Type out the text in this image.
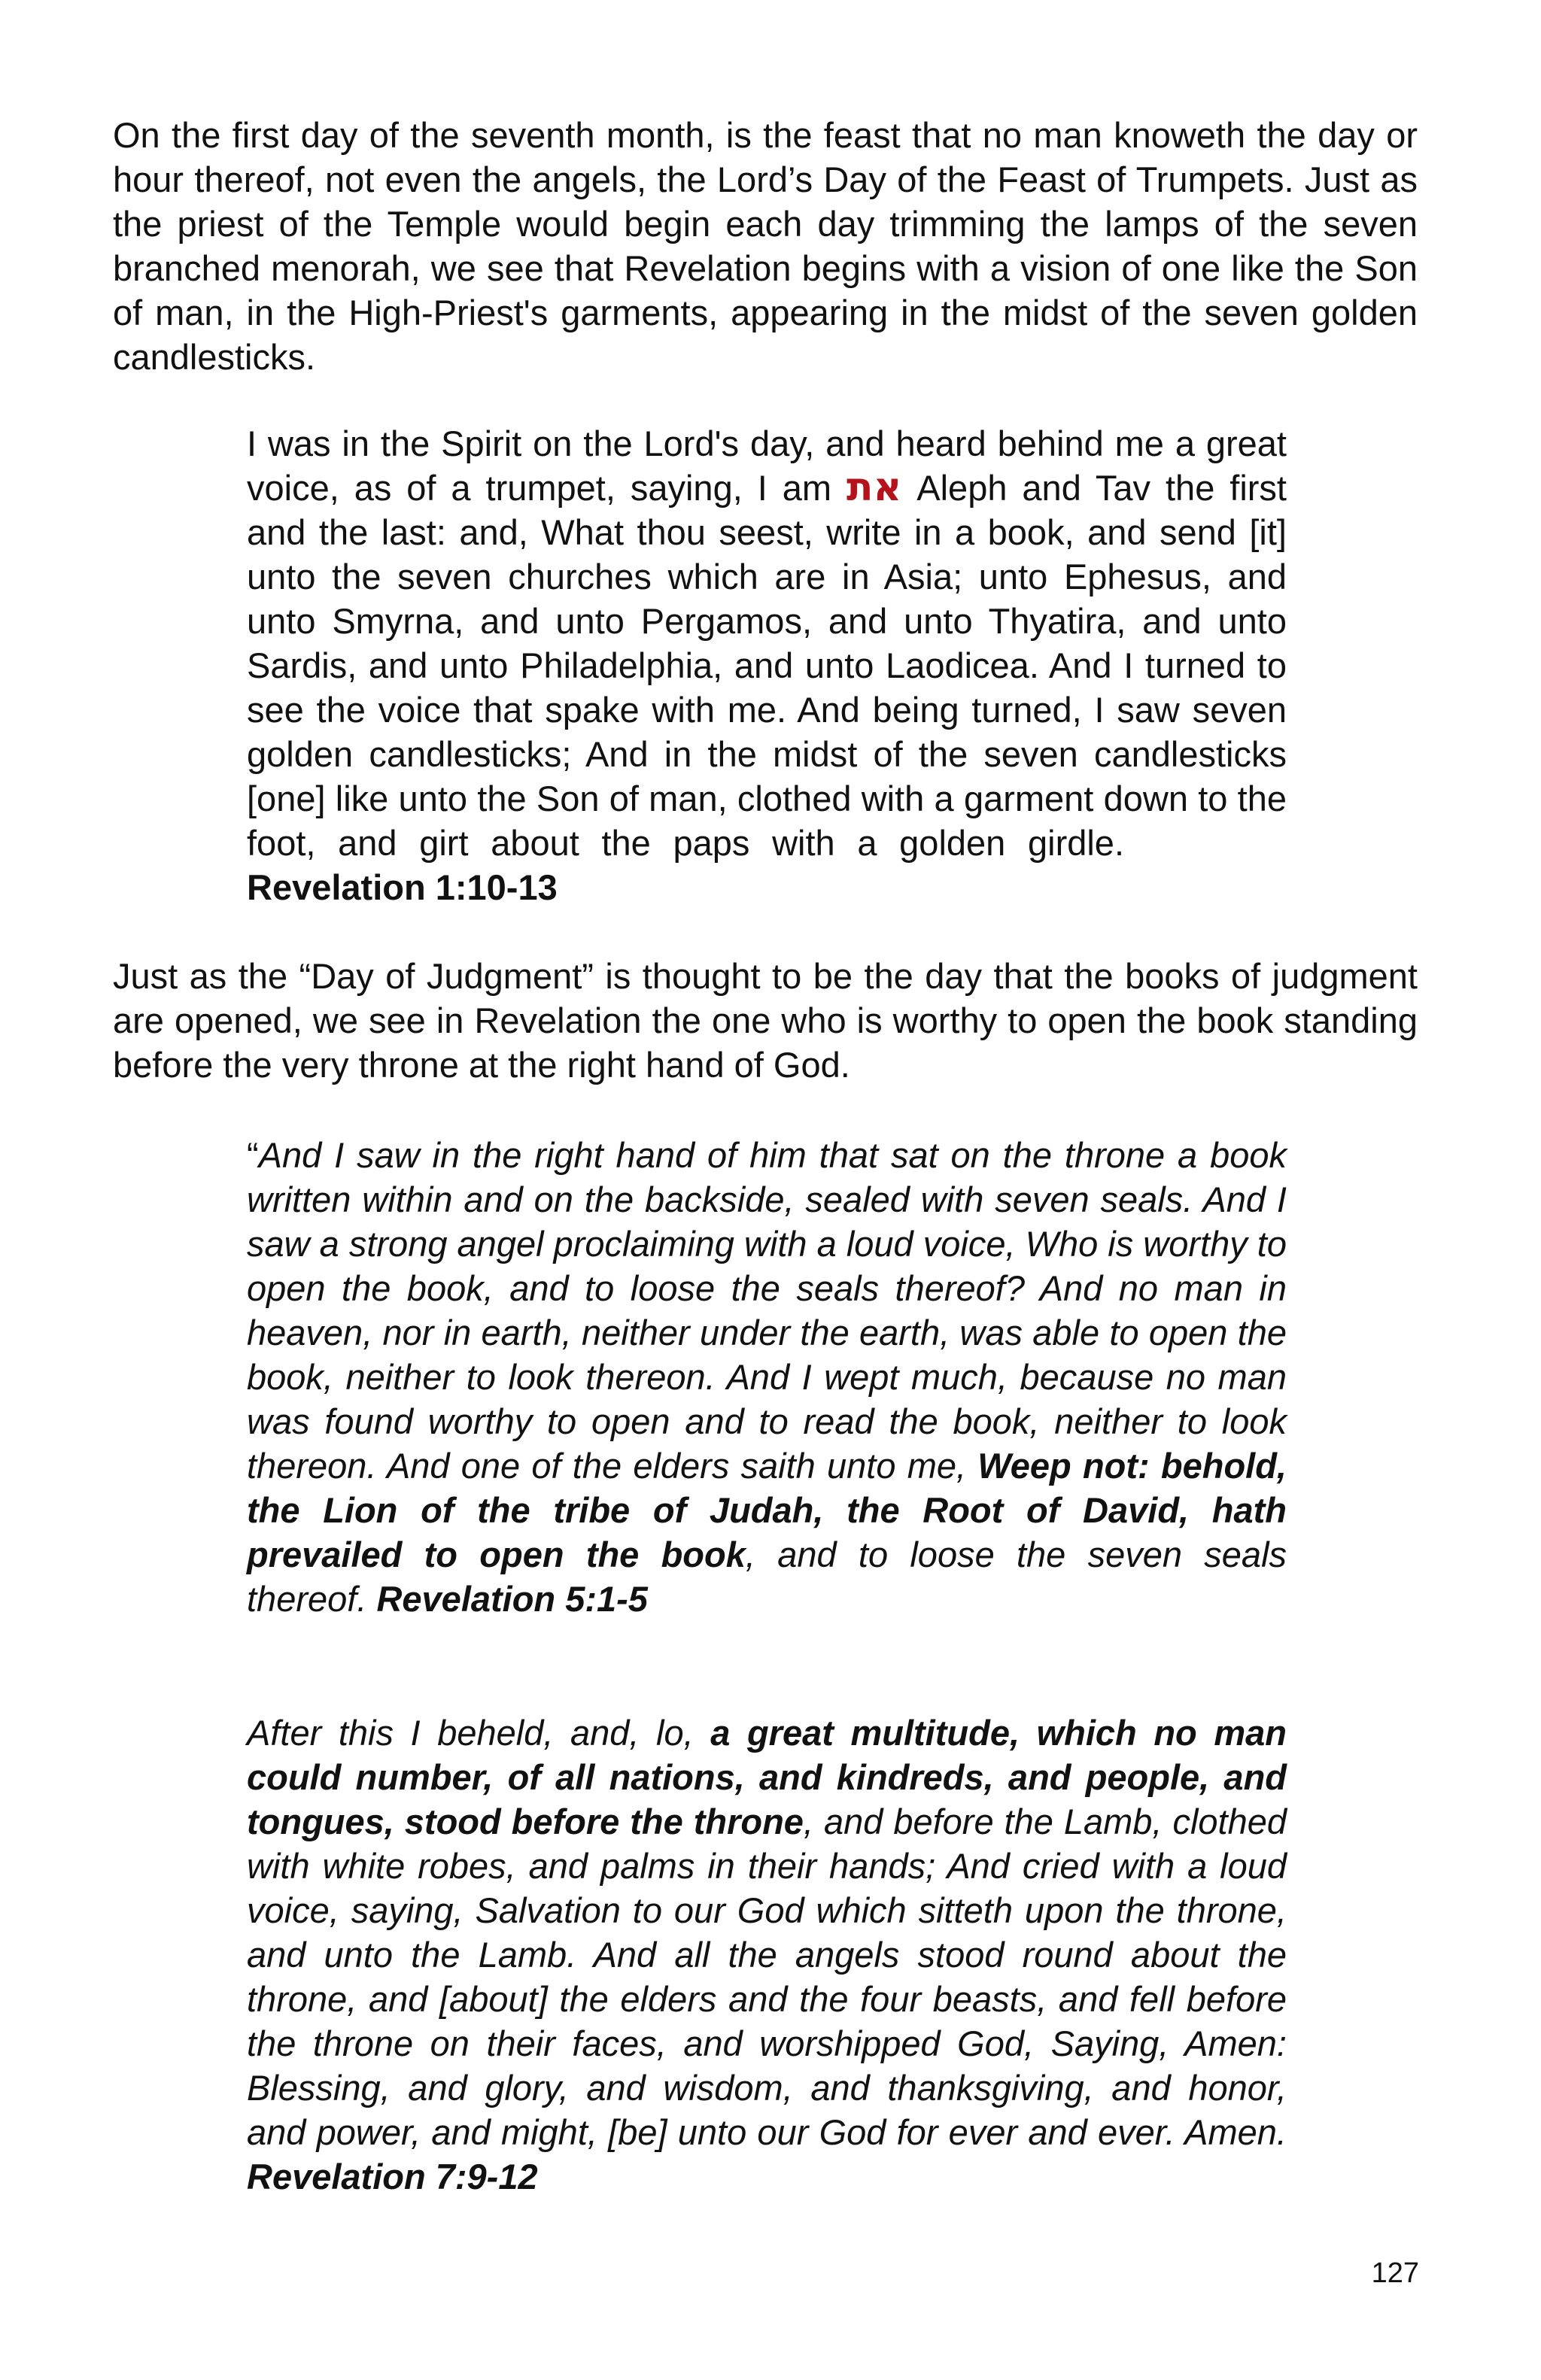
On the first day of the seventh month, is the feast that no man knoweth the day or hour thereof, not even the angels, the Lord’s Day of the Feast of Trumpets. Just as the priest of the Temple would begin each day trimming the lamps of the seven branched menorah, we see that Revelation begins with a vision of one like the Son of man, in the High-Priest's garments, appearing in the midst of the seven golden candlesticks.

I was in the Spirit on the Lord's day, and heard behind me a great voice, as of a trumpet, saying, I am את Aleph and Tav the first and the last: and, What thou seest, write in a book, and send [it] unto the seven churches which are in Asia; unto Ephesus, and unto Smyrna, and unto Pergamos, and unto Thyatira, and unto Sardis, and unto Philadelphia, and unto Laodicea. And I turned to see the voice that spake with me. And being turned, I saw seven golden candlesticks; And in the midst of the seven candlesticks [one] like unto the Son of man, clothed with a garment down to the foot, and girt about the paps with a golden girdle.Revelation 1:10-13

Just as the “Day of Judgment” is thought to be the day that the books of judgment are opened, we see in Revelation the one who is worthy to open the book standing before the very throne at the right hand of God.

“And I saw in the right hand of him that sat on the throne a book written within and on the backside, sealed with seven seals. And I saw a strong angel proclaiming with a loud voice, Who is worthy to open the book, and to loose the seals thereof? And no man in heaven, nor in earth, neither under the earth, was able to open the book, neither to look thereon. And I wept much, because no man was found worthy to open and to read the book, neither to look thereon. And one of the elders saith unto me, Weep not: behold, the Lion of the tribe of Judah, the Root of David, hath prevailed to open the book, and to loose the seven seals thereof. Revelation 5:1-5

After this I beheld, and, lo, a great multitude, which no man could number, of all nations, and kindreds, and people, and tongues, stood before the throne, and before the Lamb, clothed with white robes, and palms in their hands; And cried with a loud voice, saying, Salvation to our God which sitteth upon the throne, and unto the Lamb. And all the angels stood round about the throne, and [about] the elders and the four beasts, and fell before the throne on their faces, and worshipped God, Saying, Amen: Blessing, and glory, and wisdom, and thanksgiving, and honor, and power, and might, [be] unto our God for ever and ever. Amen. Revelation 7:9-12

127
